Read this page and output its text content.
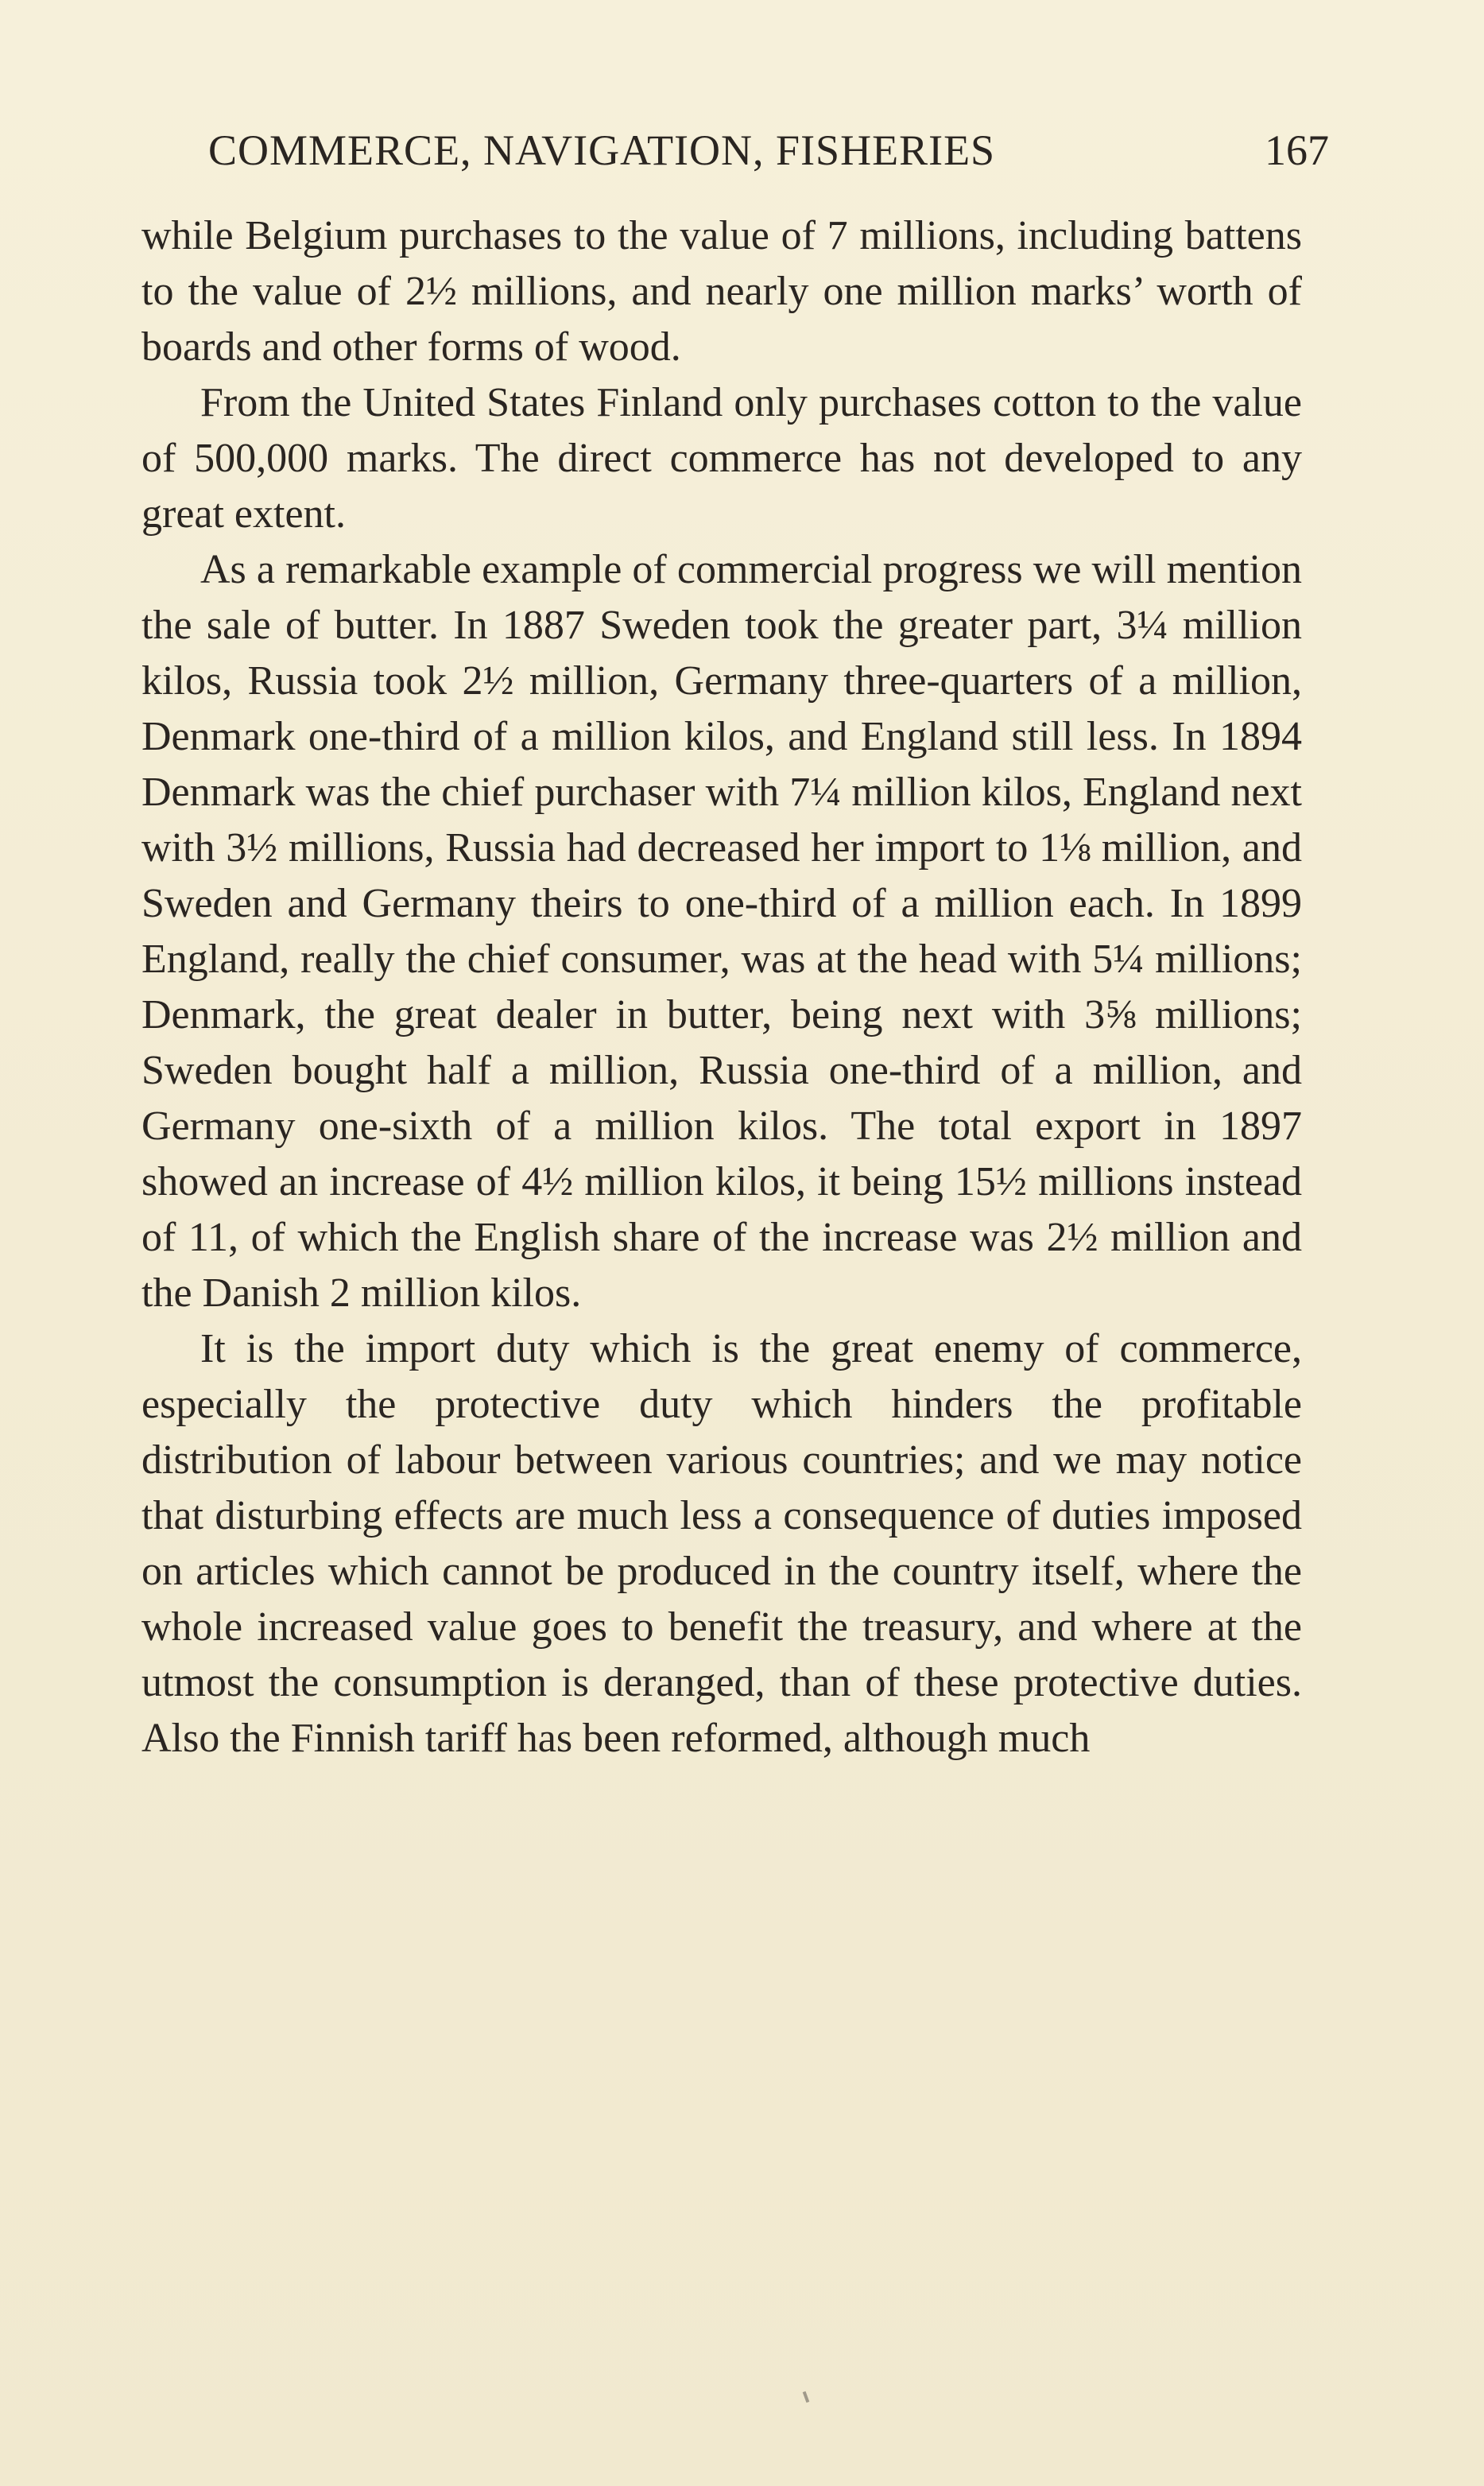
COMMERCE, NAVIGATION, FISHERIES	167

while Belgium purchases to the value of 7 millions, including battens to the value of 2½ millions, and nearly one million marks’ worth of boards and other forms of wood.

From the United States Finland only purchases cotton to the value of 500,000 marks. The direct commerce has not developed to any great extent.

As a remarkable example of commercial progress we will mention the sale of butter. In 1887 Sweden took the greater part, 3¼ million kilos, Russia took 2½ million, Germany three-quarters of a million, Denmark one-third of a million kilos, and England still less. In 1894 Denmark was the chief purchaser with 7¼ million kilos, England next with 3½ millions, Russia had decreased her import to 1⅛ million, and Sweden and Germany theirs to one-third of a million each. In 1899 England, really the chief consumer, was at the head with 5¼ millions; Denmark, the great dealer in butter, being next with 3⅝ millions; Sweden bought half a million, Russia one-third of a million, and Germany one-sixth of a million kilos. The total export in 1897 showed an increase of 4½ million kilos, it being 15½ millions instead of 11, of which the English share of the increase was 2½ million and the Danish 2 million kilos.

It is the import duty which is the great enemy of commerce, especially the protective duty which hinders the profitable distribution of labour between various countries; and we may notice that disturbing effects are much less a consequence of duties imposed on articles which cannot be produced in the country itself, where the whole increased value goes to benefit the treasury, and where at the utmost the consumption is deranged, than of these protective duties. Also the Finnish tariff has been reformed, although much
